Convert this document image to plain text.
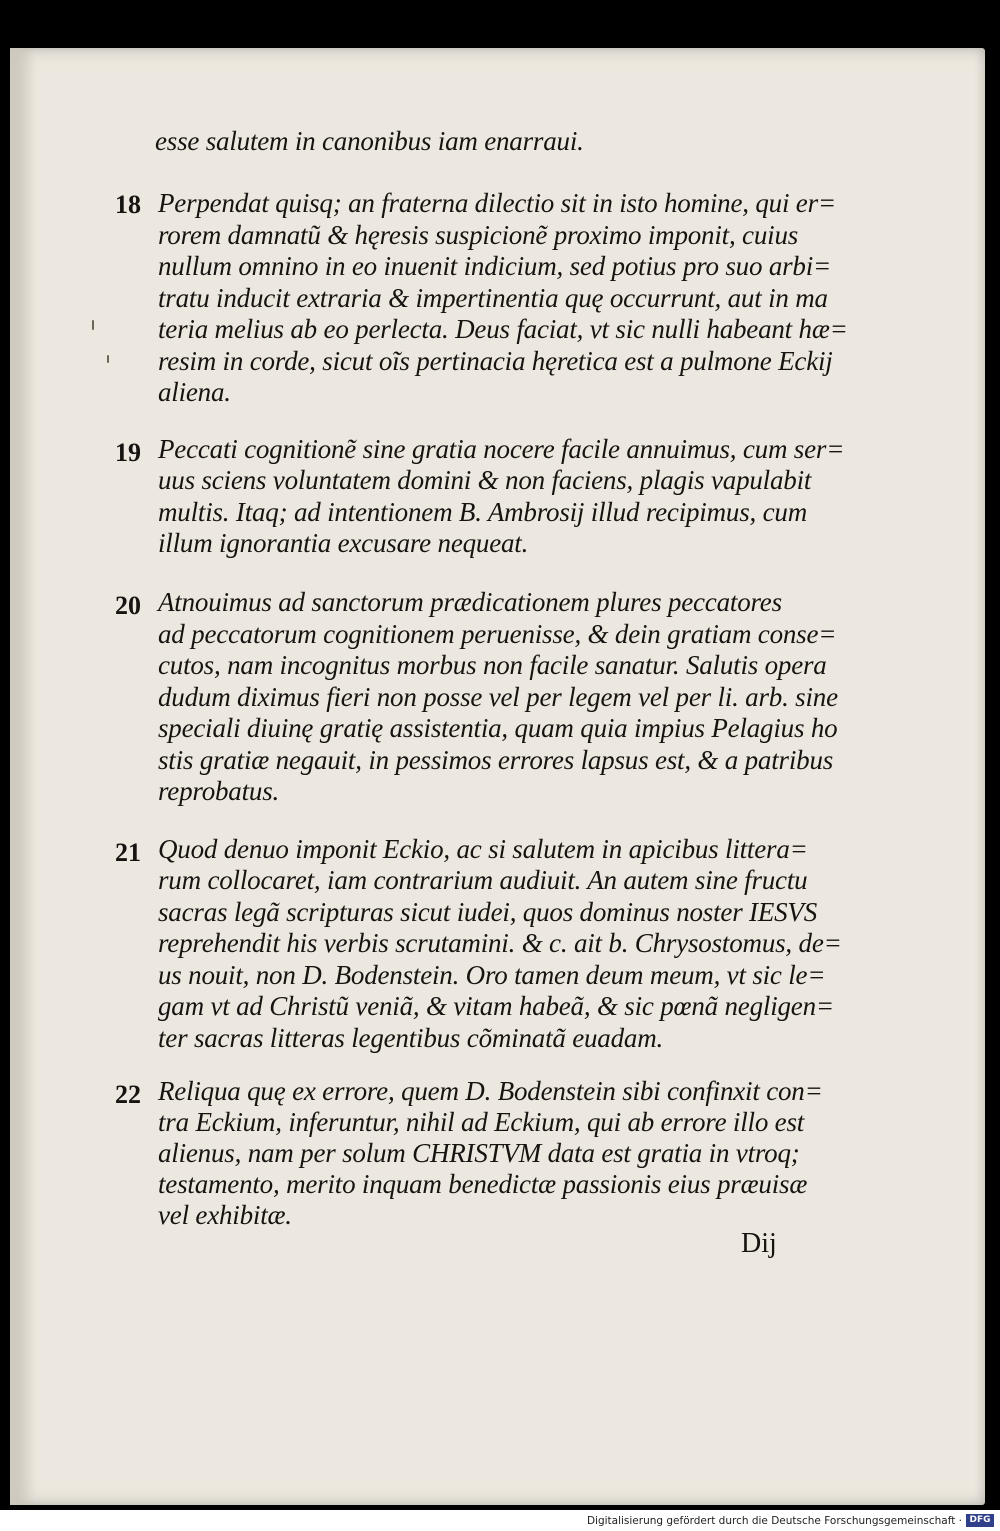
esse salutem in canonibus iam enarraui.
18 Perpendat quisq; an fraterna dilectio sit in isto homine, qui er=
rorem damnatũ & hęresis suspicionẽ proximo imponit, cuius
nullum omnino in eo inuenit indicium, sed potius pro suo arbi=
tratu inducit extraria & impertinentia quę occurrunt, aut in ma
teria melius ab eo perlecta. Deus faciat, vt sic nulli habeant hæ=
resim in corde, sicut oĩs pertinacia hęretica est a pulmone Eckij
aliena.
19 Peccati cognitionẽ sine gratia nocere facile annuimus, cum ser=
uus sciens voluntatem domini & non faciens, plagis vapulabit
multis. Itaq; ad intentionem B. Ambrosij illud recipimus, cum
illum ignorantia excusare nequeat.
20 Atnouimus ad sanctorum prædicationem plures peccatores
ad peccatorum cognitionem peruenisse, & dein gratiam conse=
cutos, nam incognitus morbus non facile sanatur. Salutis opera
dudum diximus fieri non posse vel per legem vel per li. arb. sine
speciali diuinę gratię assistentia, quam quia impius Pelagius ho
stis gratiæ negauit, in pessimos errores lapsus est, & a patribus
reprobatus.
21 Quod denuo imponit Eckio, ac si salutem in apicibus littera=
rum collocaret, iam contrarium audiuit. An autem sine fructu
sacras legã scripturas sicut iudei, quos dominus noster IESVS
reprehendit his verbis scrutamini. & c. ait b. Chrysostomus, de=
us nouit, non D. Bodenstein. Oro tamen deum meum, vt sic le=
gam vt ad Christũ veniã, & vitam habeã, & sic pœnã negligen=
ter sacras litteras legentibus cõminatã euadam.
22 Reliqua quę ex errore, quem D. Bodenstein sibi confinxit con=
tra Eckium, inferuntur, nihil ad Eckium, qui ab errore illo est
alienus, nam per solum CHRISTVM data est gratia in vtroq;
testamento, merito inquam benedictæ passionis eius præuisæ
vel exhibitæ.
Dij
Digitalisierung gefördert durch die Deutsche Forschungsgemeinschaft · DFG
